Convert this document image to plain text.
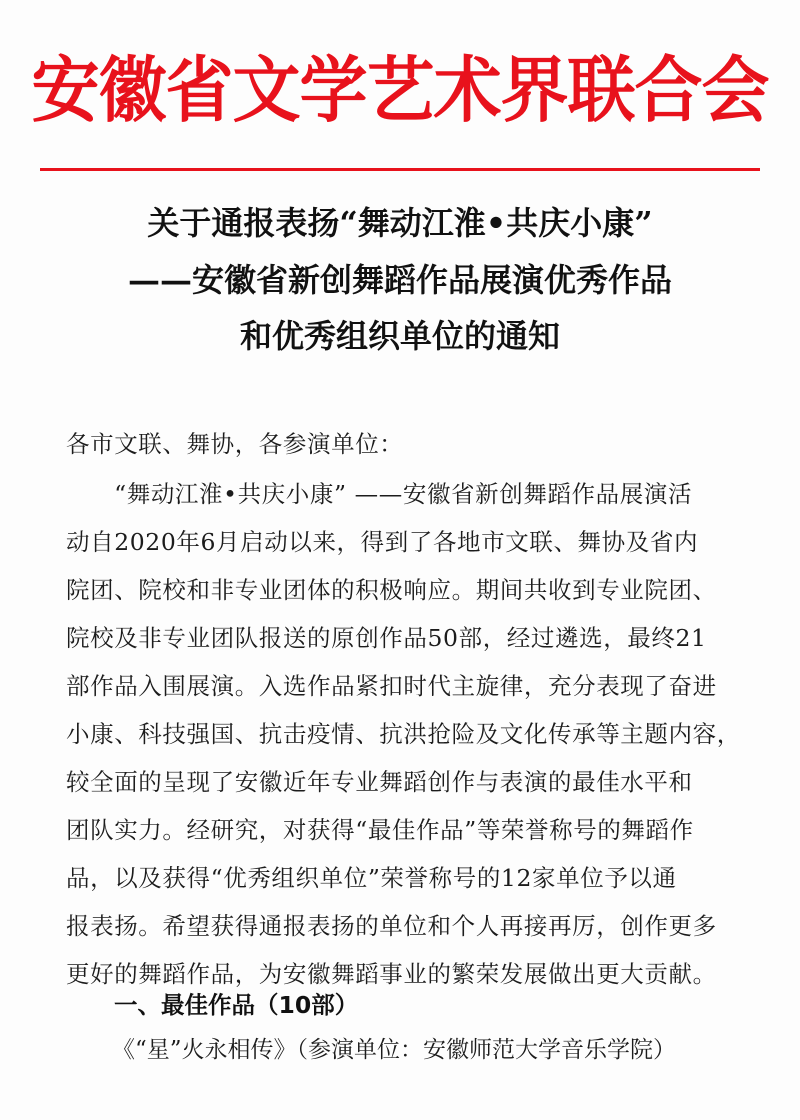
安徽省文学艺术界联合会
关于通报表扬“舞动江淮•共庆小康”
——安徽省新创舞蹈作品展演优秀作品
和优秀组织单位的通知
各市文联、舞协，各参演单位：
　“舞动江淮•共庆小康” ——安徽省新创舞蹈作品展演活
动自2020年6月启动以来，得到了各地市文联、舞协及省内
院团、院校和非专业团体的积极响应。期间共收到专业院团、
院校及非专业团队报送的原创作品50部，经过遴选，最终21
部作品入围展演。入选作品紧扣时代主旋律，充分表现了奋进
小康、科技强国、抗击疫情、抗洪抢险及文化传承等主题内容，
较全面的呈现了安徽近年专业舞蹈创作与表演的最佳水平和
团队实力。经研究，对获得“最佳作品”等荣誉称号的舞蹈作
品，以及获得“优秀组织单位”荣誉称号的12家单位予以通
报表扬。希望获得通报表扬的单位和个人再接再厉，创作更多
更好的舞蹈作品，为安徽舞蹈事业的繁荣发展做出更大贡献。
一、最佳作品（10部）
《“星”火永相传》（参演单位：安徽师范大学音乐学院）
